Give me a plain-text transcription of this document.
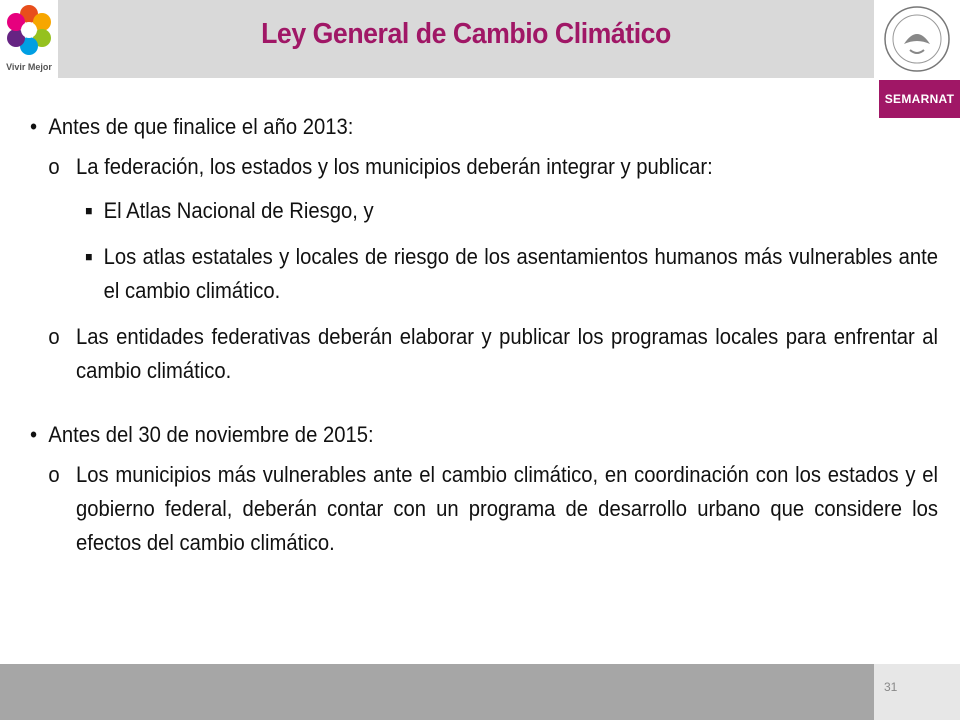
Vivir Mejor
Ley General de Cambio Climático
SEMARNAT
• Antes de que finalice el año 2013:
o La federación, los estados y los municipios deberán integrar y publicar:
■ El Atlas Nacional de Riesgo, y
■ Los atlas estatales y locales de riesgo de los asentamientos humanos más vulnerables ante el cambio climático.
o Las entidades federativas deberán elaborar y publicar los programas locales para enfrentar al cambio climático.
• Antes del 30 de noviembre de 2015:
o Los municipios más vulnerables ante el cambio climático, en coordinación con los estados y el gobierno federal, deberán contar con un programa de desarrollo urbano que considere los efectos del cambio climático.
31
